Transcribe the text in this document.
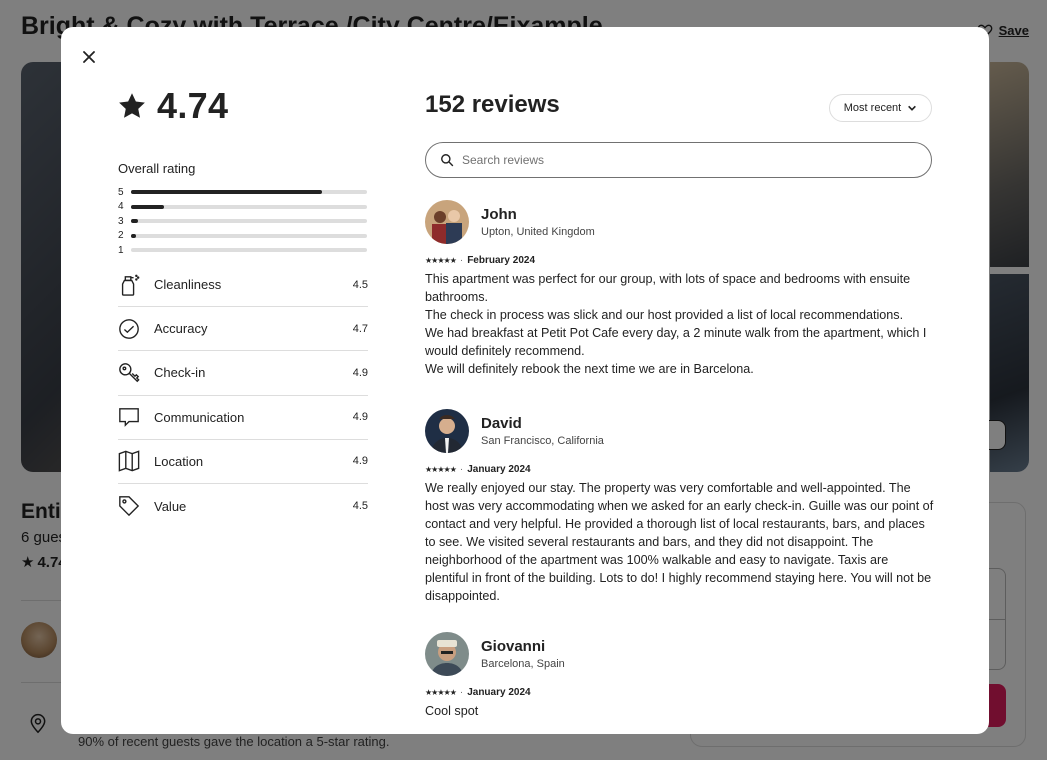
4.74
Overall rating
5
4
3
2
1
Cleanliness	4.5
Accuracy	4.7
Check-in	4.9
Communication	4.9
Location	4.9
Value	4.5
152 reviews	Most recent
Search reviews
John
Upton, United Kingdom
★★★★★ · February 2024

This apartment was perfect for our group, with lots of space and bedrooms with ensuite bathrooms.

The check in process was slick and our host provided a list of local recommendations.

We had breakfast at Petit Pot Cafe every day, a 2 minute walk from the apartment, which I would definitely recommend.

We will definitely rebook the next time we are in Barcelona.

David
San Francisco, California
★★★★★ · January 2024

We really enjoyed our stay. The property was very comfortable and well-appointed. The host was very accommodating when we asked for an early check-in. Guille was our point of contact and very helpful. He provided a thorough list of local restaurants, bars, and places to see. We visited several restaurants and bars, and they did not disappoint. The neighborhood of the apartment was 100% walkable and easy to navigate. Taxis are plentiful in front of the building. Lots to do! I highly recommend staying here. You will not be disappointed.

Giovanni
Barcelona, Spain
★★★★★ · January 2024

Cool spot
